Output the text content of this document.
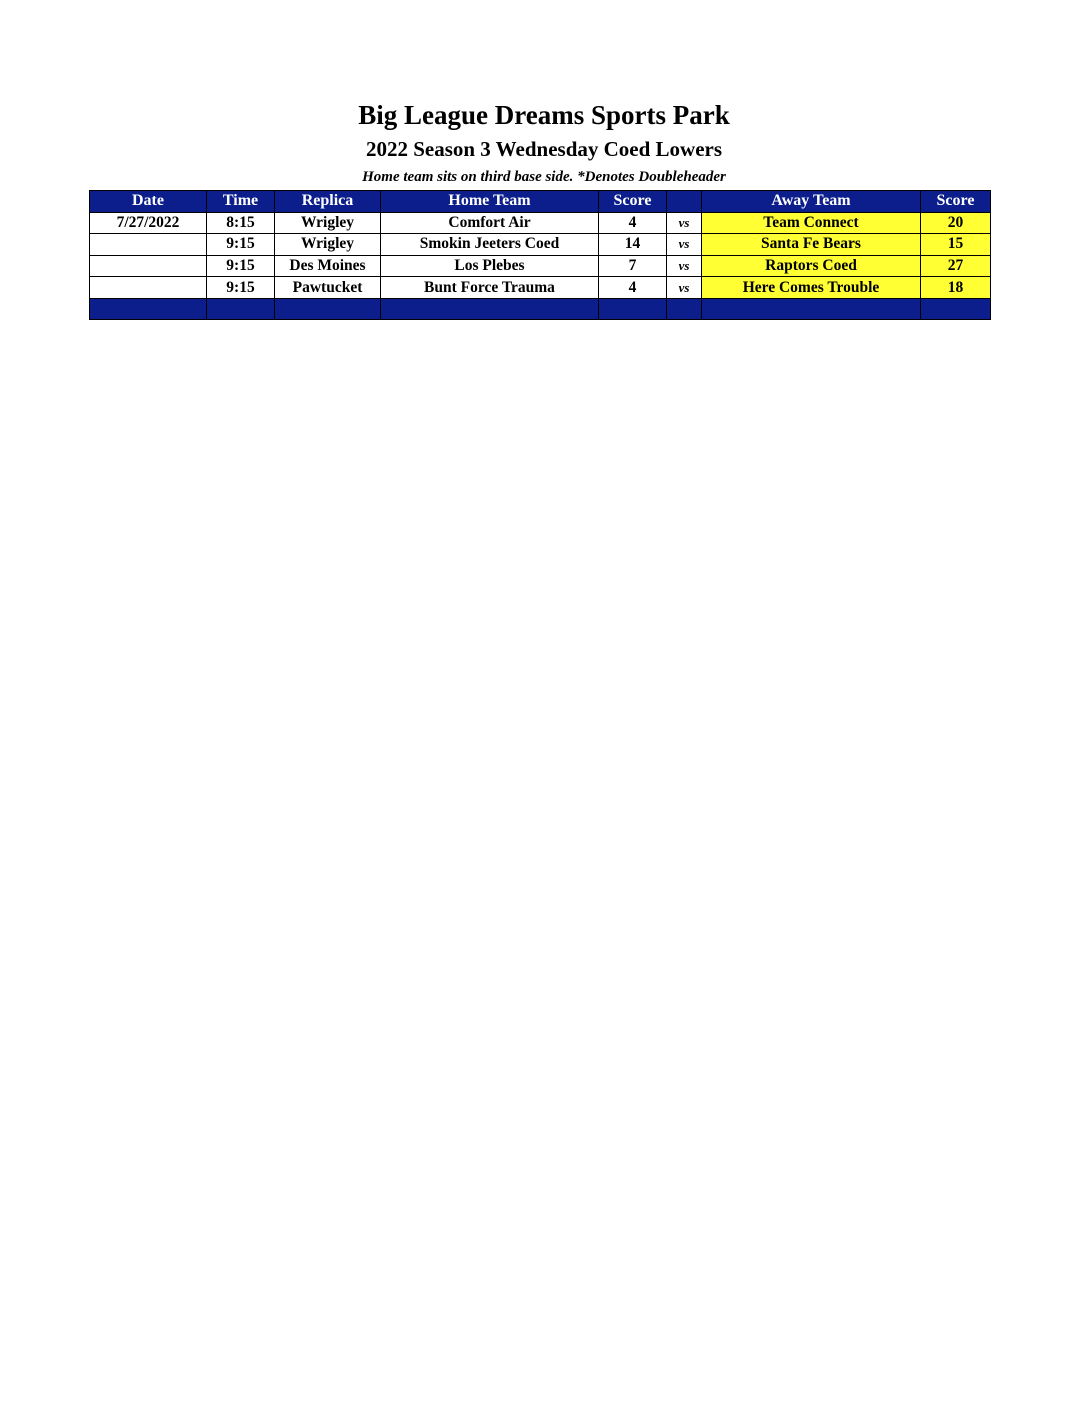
Big League Dreams Sports Park
2022 Season 3 Wednesday Coed Lowers
Home team sits on third base side. *Denotes Doubleheader
Date	Time	Replica	Home Team	Score		Away Team	Score
7/27/2022	8:15	Wrigley	Comfort Air	4	vs	Team Connect	20
	9:15	Wrigley	Smokin Jeeters Coed	14	vs	Santa Fe Bears	15
	9:15	Des Moines	Los Plebes	7	vs	Raptors Coed	27
	9:15	Pawtucket	Bunt Force Trauma	4	vs	Here Comes Trouble	18
